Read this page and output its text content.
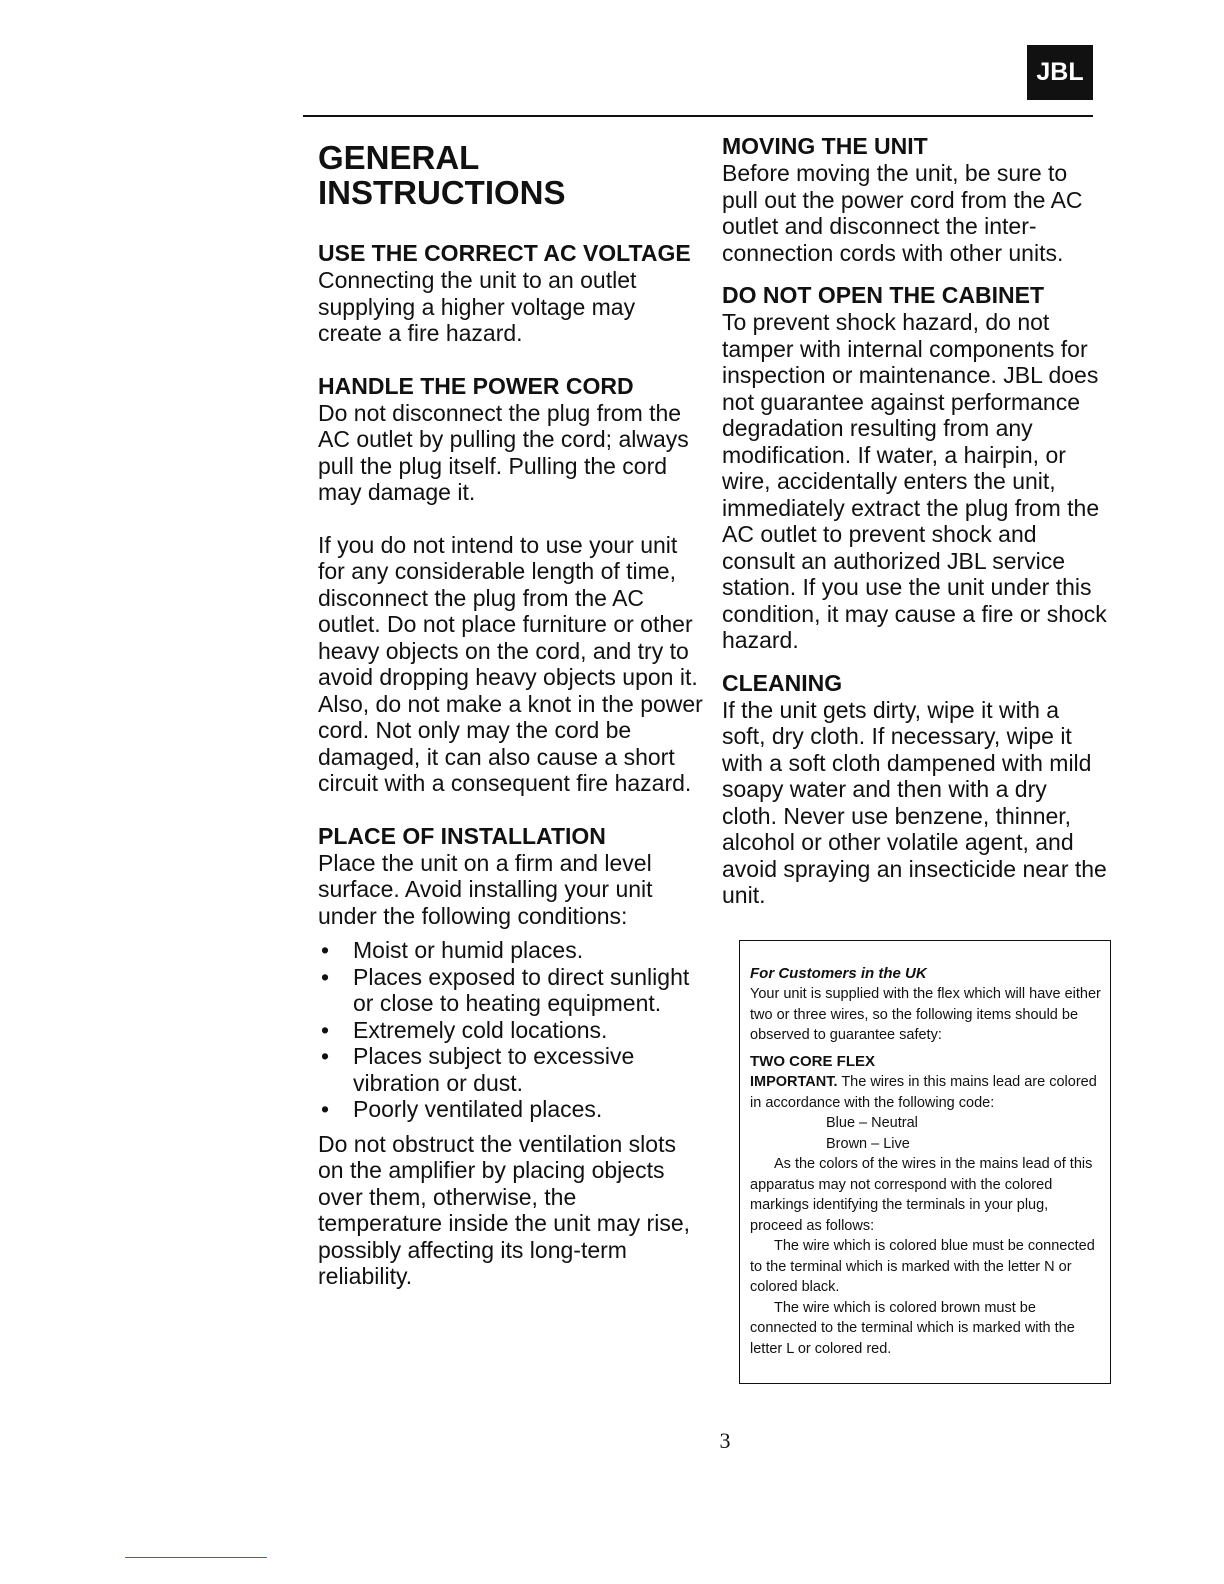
JBL
GENERAL INSTRUCTIONS
USE THE CORRECT AC VOLTAGE
Connecting the unit to an outlet supplying a higher voltage may create a fire hazard.
HANDLE THE POWER CORD
Do not disconnect the plug from the AC outlet by pulling the cord; always pull the plug itself. Pulling the cord may damage it.
If you do not intend to use your unit for any considerable length of time, disconnect the plug from the AC outlet. Do not place furniture or other heavy objects on the cord, and try to avoid dropping heavy objects upon it. Also, do not make a knot in the power cord. Not only may the cord be damaged, it can also cause a short circuit with a consequent fire hazard.
PLACE OF INSTALLATION
Place the unit on a firm and level surface. Avoid installing your unit under the following conditions:
• Moist or humid places.
• Places exposed to direct sunlight or close to heating equipment.
• Extremely cold locations.
• Places subject to excessive vibration or dust.
• Poorly ventilated places.
Do not obstruct the ventilation slots on the amplifier by placing objects over them, otherwise, the temperature inside the unit may rise, possibly affecting its long-term reliability.
MOVING THE UNIT
Before moving the unit, be sure to pull out the power cord from the AC outlet and disconnect the inter-connection cords with other units.
DO NOT OPEN THE CABINET
To prevent shock hazard, do not tamper with internal components for inspection or maintenance. JBL does not guarantee against performance degradation resulting from any modification. If water, a hairpin, or wire, accidentally enters the unit, immediately extract the plug from the AC outlet to prevent shock and consult an authorized JBL service station. If you use the unit under this condition, it may cause a fire or shock hazard.
CLEANING
If the unit gets dirty, wipe it with a soft, dry cloth. If necessary, wipe it with a soft cloth dampened with mild soapy water and then with a dry cloth. Never use benzene, thinner, alcohol or other volatile agent, and avoid spraying an insecticide near the unit.
For Customers in the UK
Your unit is supplied with the flex which will have either two or three wires, so the following items should be observed to guarantee safety:
TWO CORE FLEX
IMPORTANT. The wires in this mains lead are colored in accordance with the following code:
Blue – Neutral
Brown – Live
As the colors of the wires in the mains lead of this apparatus may not correspond with the colored markings identifying the terminals in your plug, proceed as follows:
The wire which is colored blue must be connected to the terminal which is marked with the letter N or colored black.
The wire which is colored brown must be connected to the terminal which is marked with the letter L or colored red.
3
